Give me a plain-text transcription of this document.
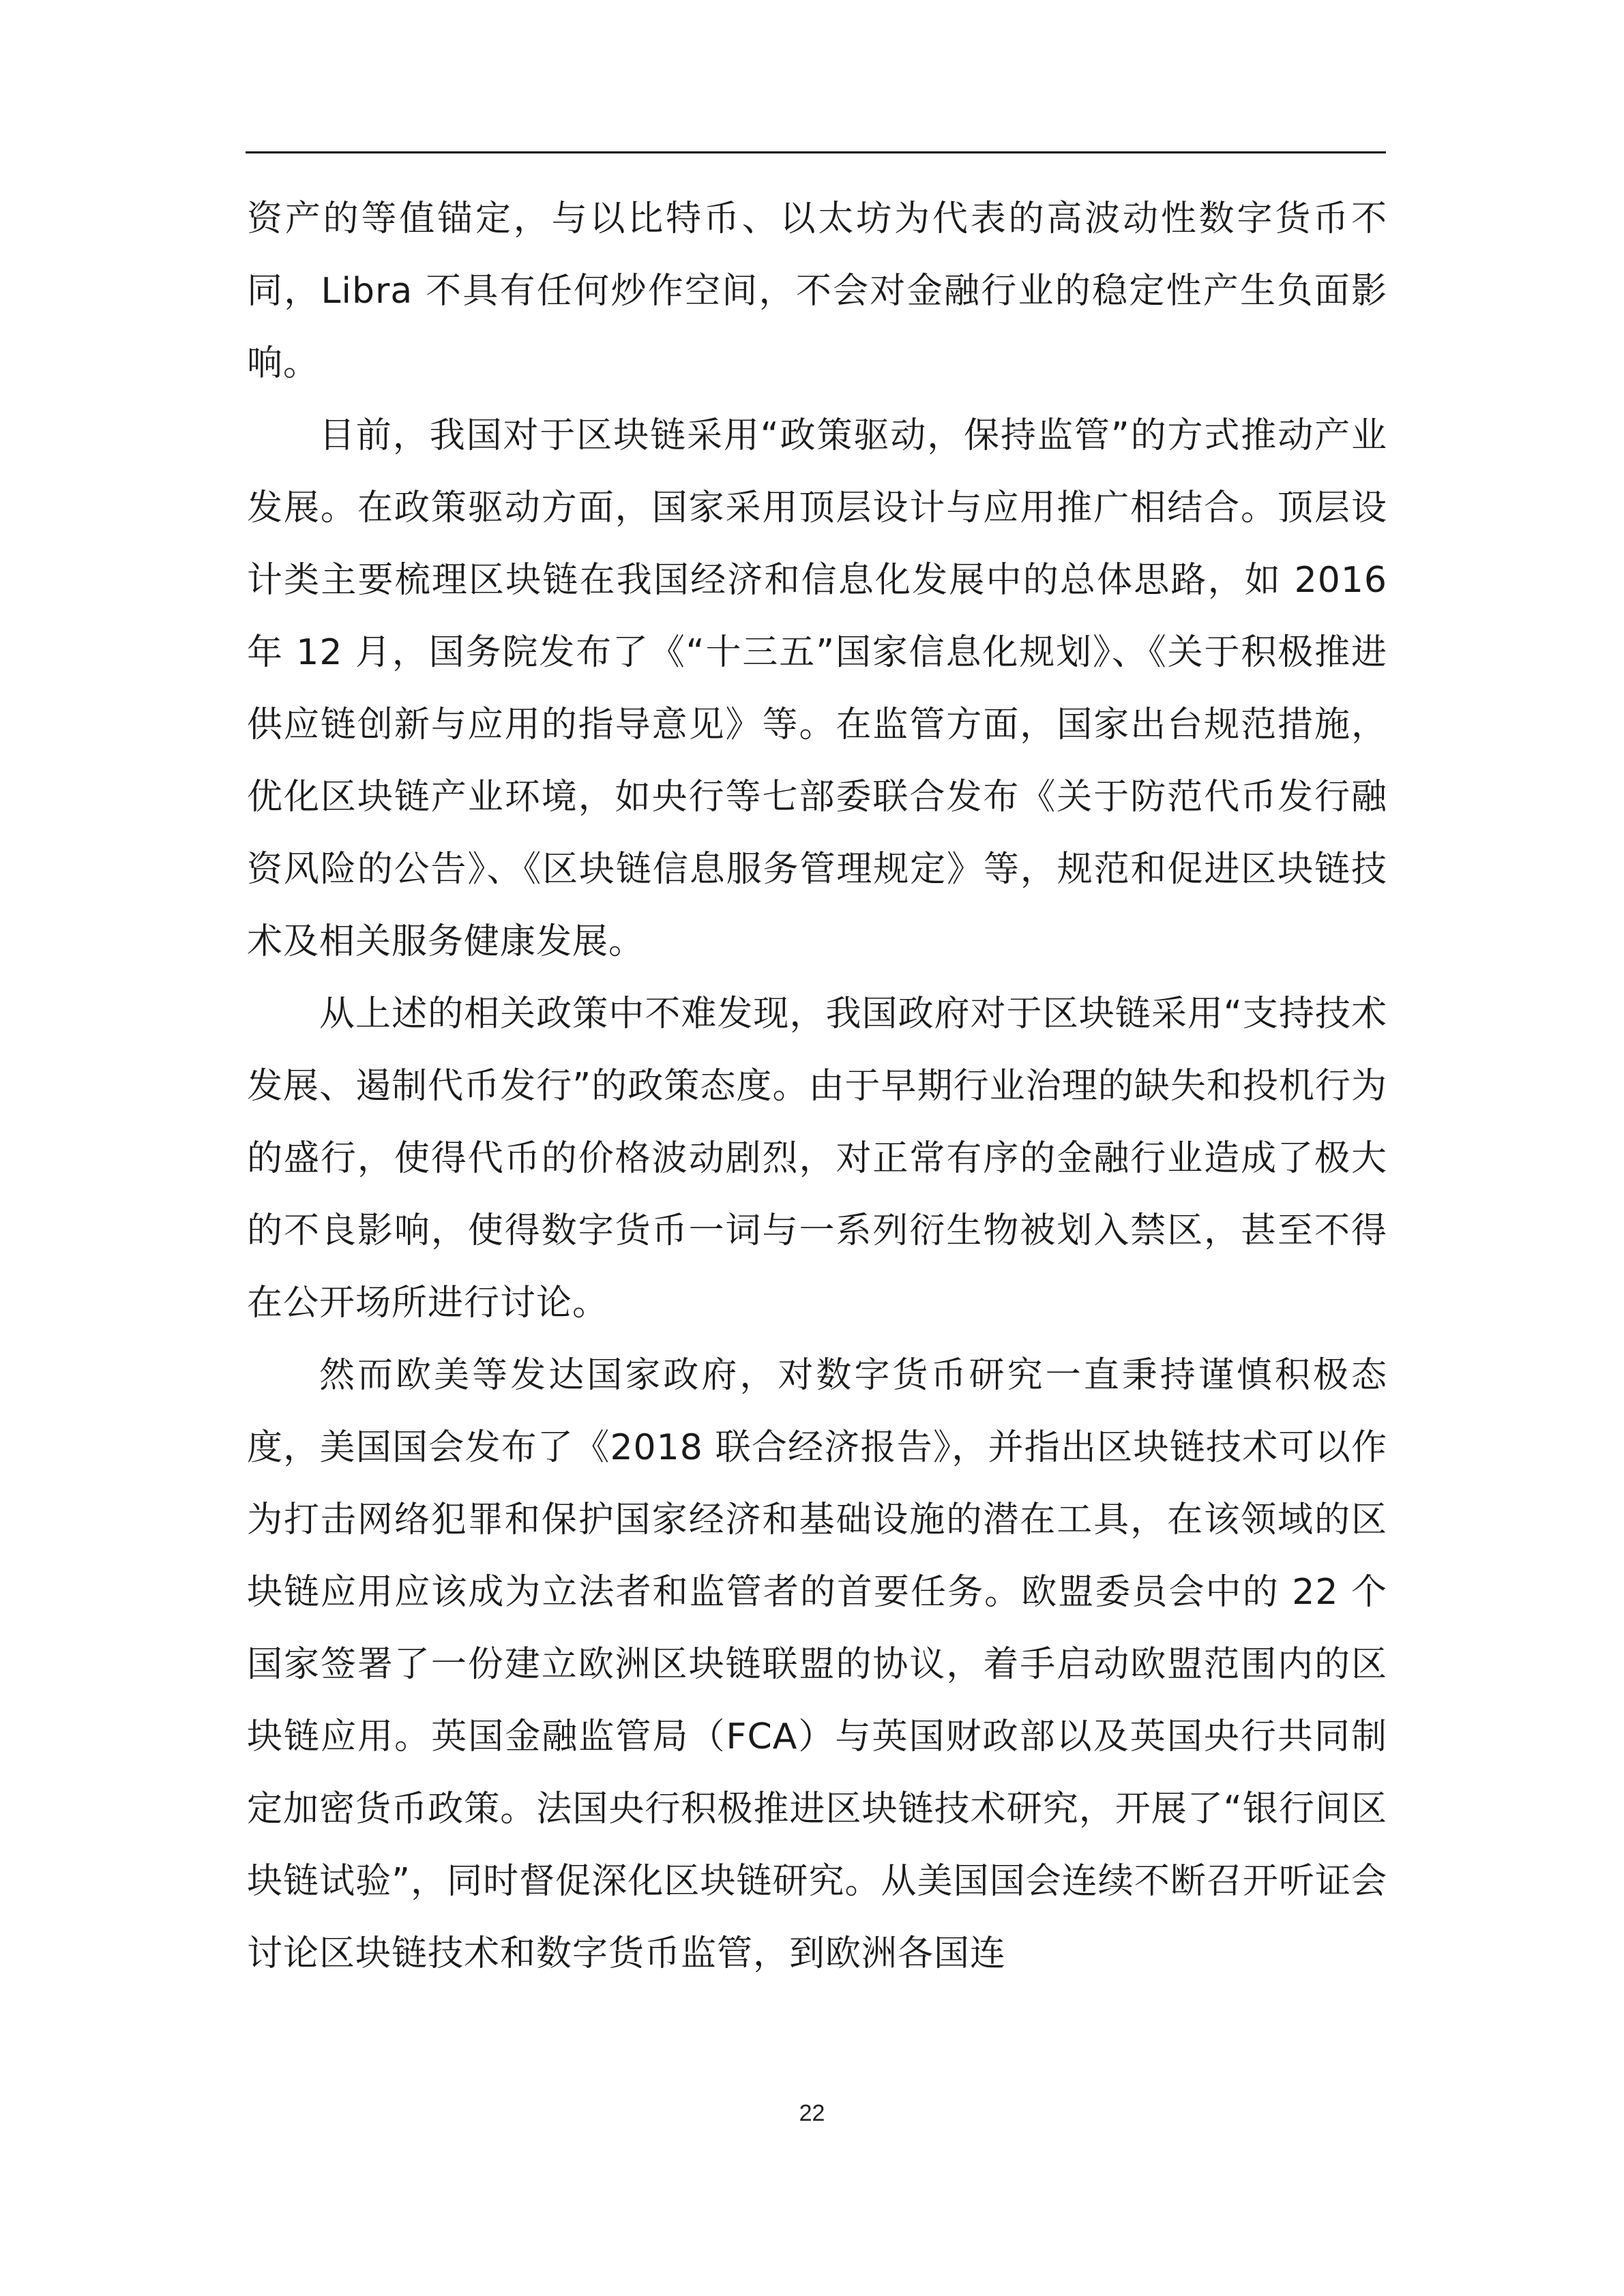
资产的等值锚定，与以比特币、以太坊为代表的高波动性数字货币不同，Libra 不具有任何炒作空间，不会对金融行业的稳定性产生负面影响。

目前，我国对于区块链采用“政策驱动，保持监管”的方式推动产业发展。在政策驱动方面，国家采用顶层设计与应用推广相结合。顶层设计类主要梳理区块链在我国经济和信息化发展中的总体思路，如 2016 年 12 月，国务院发布了《“十三五”国家信息化规划》、《关于积极推进供应链创新与应用的指导意见》等。在监管方面，国家出台规范措施，优化区块链产业环境，如央行等七部委联合发布《关于防范代币发行融资风险的公告》、《区块链信息服务管理规定》等，规范和促进区块链技术及相关服务健康发展。

从上述的相关政策中不难发现，我国政府对于区块链采用“支持技术发展、遏制代币发行”的政策态度。由于早期行业治理的缺失和投机行为的盛行，使得代币的价格波动剧烈，对正常有序的金融行业造成了极大的不良影响，使得数字货币一词与一系列衍生物被划入禁区，甚至不得在公开场所进行讨论。

然而欧美等发达国家政府，对数字货币研究一直秉持谨慎积极态度，美国国会发布了《2018 联合经济报告》，并指出区块链技术可以作为打击网络犯罪和保护国家经济和基础设施的潜在工具，在该领域的区块链应用应该成为立法者和监管者的首要任务。欧盟委员会中的 22 个国家签署了一份建立欧洲区块链联盟的协议，着手启动欧盟范围内的区块链应用。英国金融监管局（FCA）与英国财政部以及英国央行共同制定加密货币政策。法国央行积极推进区块链技术研究，开展了“银行间区块链试验”，同时督促深化区块链研究。从美国国会连续不断召开听证会讨论区块链技术和数字货币监管，到欧洲各国连

22
